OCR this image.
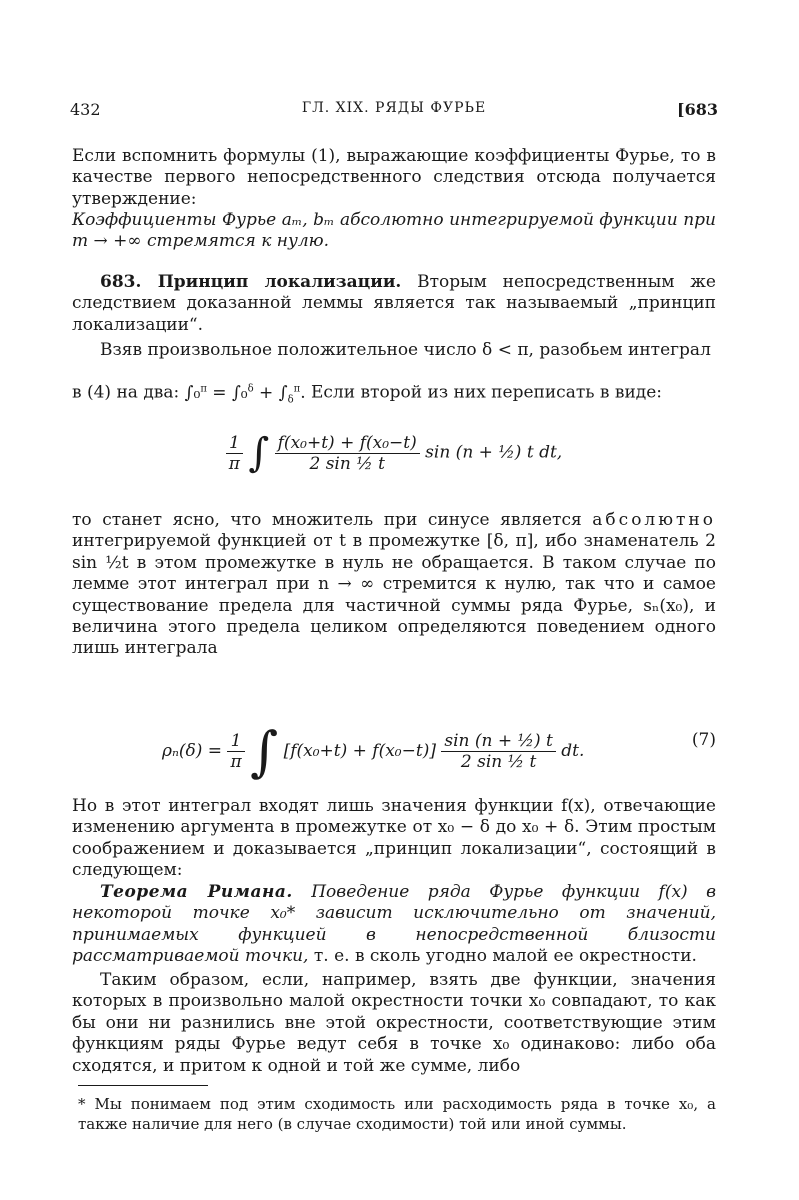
432	ГЛ. XIX. РЯДЫ ФУРЬЕ	[683
Если вспомнить формулы (1), выражающие коэффициенты Фурье, то в качестве первого непосредственного следствия отсюда получается утверждение:
Коэффициенты Фурье aₘ, bₘ абсолютно интегрируемой функции при m → +∞ стремятся к нулю.
683. Принцип локализации. Вторым непосредственным же следствием доказанной леммы является так называемый „принцип локализации“.
Взяв произвольное положительное число δ < π, разобьем интеграл
в (4) на два: $\int_0^\pi = \int_0^\delta + \int_\delta^\pi$. Если второй из них переписать в виде:
$\frac{1}{\pi}$ ∫ $\frac{\text{f(x₀+t) + f(x₀−t)}}{\text{2 sin ½ t}}$ sin (n + ½) t dt,
то станет ясно, что множитель при синусе является абсолютно интегрируемой функцией от t в промежутке [δ, π], ибо знаменатель 2 sin ½t в этом промежутке в нуль не обращается. В таком случае по лемме этот интеграл при n → ∞ стремится к нулю, так что и самое существование предела для частичной суммы ряда Фурье, sₙ(x₀), и величина этого предела целиком определяются поведением одного лишь интеграла
$\rho_n(\delta) = \frac{1}{\pi}$ ∫ $[f(x_0+t) + f(x_0-t)] \frac{\text{sin (n + ½) t}}{\text{2 sin ½ t}}$ dt.
(7)
Но в этот интеграл входят лишь значения функции f(x), отвечающие изменению аргумента в промежутке от x₀ − δ до x₀ + δ. Этим простым соображением и доказывается „принцип локализации“, состоящий в следующем:
Теорема Римана. Поведение ряда Фурье функции f(x) в некоторой точке x₀* зависит исключительно от значений, принимаемых функцией в непосредственной близости рассматриваемой точки, т. е. в сколь угодно малой ее окрестности.
Таким образом, если, например, взять две функции, значения которых в произвольно малой окрестности точки x₀ совпадают, то как бы они ни разнились вне этой окрестности, соответствующие этим функциям ряды Фурье ведут себя в точке x₀ одинаково: либо оба сходятся, и притом к одной и той же сумме, либо
* Мы понимаем под этим сходимость или расходимость ряда в точке x₀, а также наличие для него (в случае сходимости) той или иной суммы.
